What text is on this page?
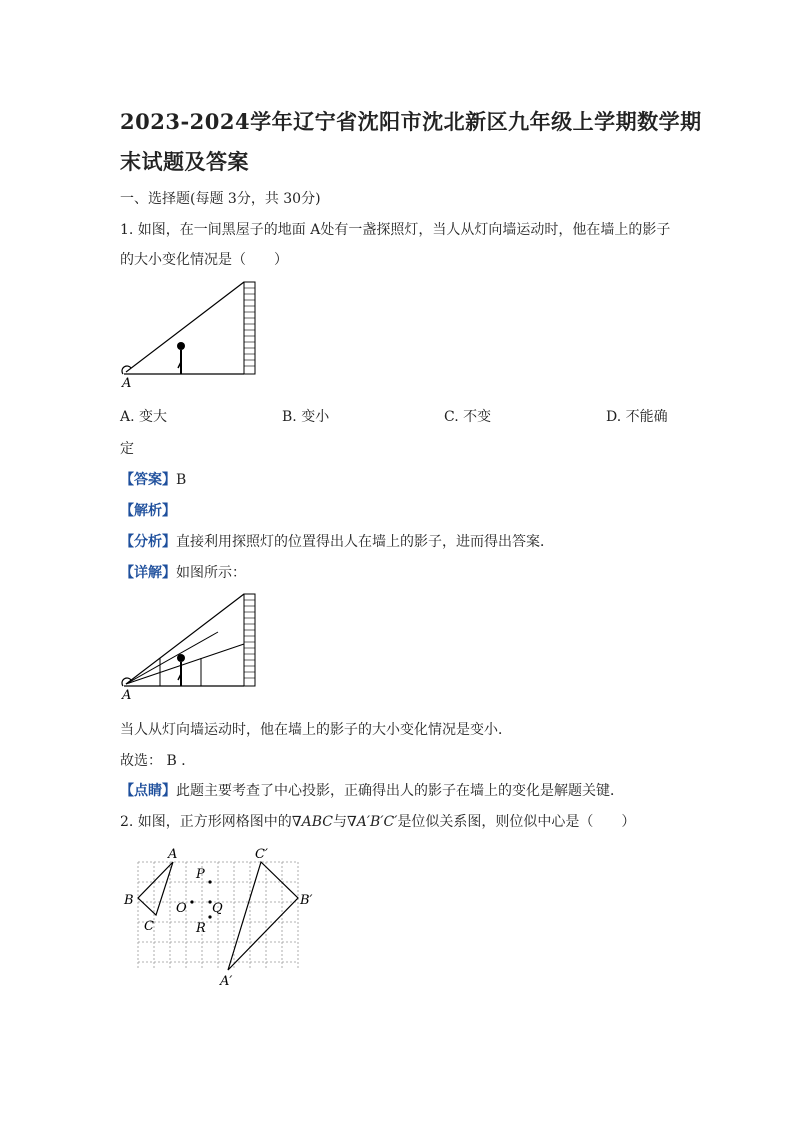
2023-2024学年辽宁省沈阳市沈北新区九年级上学期数学期
末试题及答案
一、选择题(每题 3分，共 30分)
1. 如图，在一间黑屋子的地面 A处有一盏探照灯，当人从灯向墙运动时，他在墙上的影子
的大小变化情况是（　　）
A
A. 变大	B. 变小	C. 不变	D. 不能确
定
【答案】B
【解析】
【分析】直接利用探照灯的位置得出人在墙上的影子，进而得出答案．
【详解】如图所示：
A
当人从灯向墙运动时，他在墙上的影子的大小变化情况是变小．
故选： B ．
【点睛】此题主要考查了中心投影，正确得出人的影子在墙上的变化是解题关键．
2. 如图，正方形网格图中的∇ABC与∇A′B′C′是位似关系图，则位似中心是（　　）
A
B
C
P
O Q
R
C′
B′
A′
